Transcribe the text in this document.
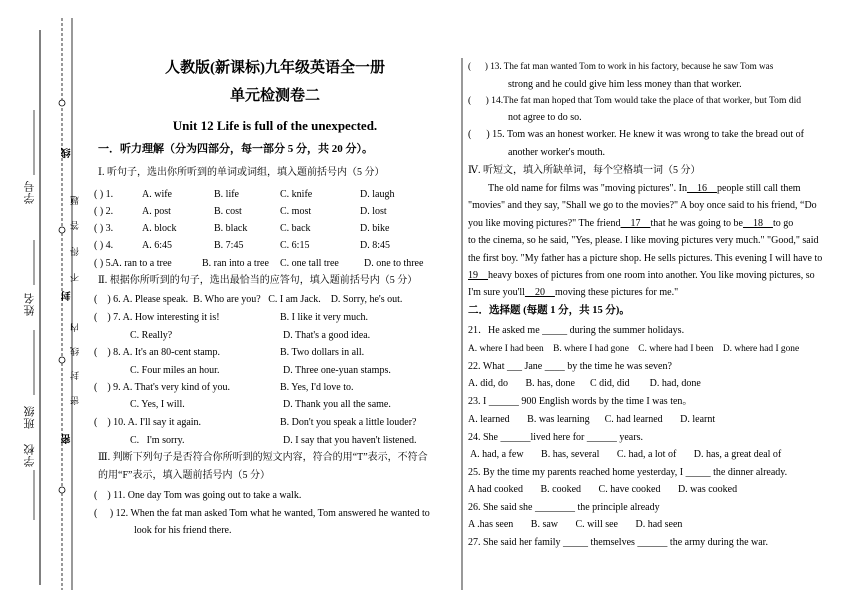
学号
姓名
班级
学校
线
封
密
密
封
线
内
不
得
答
题
人教版(新课标)九年级英语全一册
单元检测卷二
Unit 12 Life is full of the unexpected.
一．听力理解（分为四部分，每一部分 5 分，共 20 分）。
Ⅰ. 听句子，选出你所听到的单词或词组，填入题前括号内（5 分）
( ) 1.	A. wife	B. life	C. knife	D. laugh
( ) 2.	A. post	B. cost	C. most	D. lost
( ) 3.	A. block	B. black	C. back	D. bike
( ) 4.	A. 6:45	B. 7:45	C. 6:15	D. 8:45
( ) 5.
A. ran to a tree	B. ran into a tree C. one tall tree	D. one to three
Ⅱ. 根据你所听到的句子，选出最恰当的应答句，填入题前括号内（5 分）
(    ) 6. A. Please speak.  B. Who are you?   C. I am Jack.    D. Sorry, he's out.
(    ) 7. A. How interesting it is!	B. I like it very much.
C. Really?	D. That's a good idea.
(    ) 8. A. It's an 80-cent stamp.	B. Two dollars in all.
C. Four miles an hour.	D. Three one-yuan stamps.
(    ) 9. A. That's very kind of you.	B. Yes, I'd love to.
C. Yes, I will.	D. Thank you all the same.
(    ) 10. A. I'll say it again.	B. Don't you speak a little louder?
C.   I'm sorry.	D. I say that you haven't listened.
Ⅲ. 判断下列句子是否符合你所听到的短文内容，符合的用“T”表示，不符合
的用“F”表示，填入题前括号内（5 分）
(    ) 11. One day Tom was going out to take a walk.
(     ) 12. When the fat man asked Tom what he wanted, Tom answered he wanted to
look for his friend there.
(      ) 13. The fat man wanted Tom to work in his factory, because he saw Tom was
strong and he could give him less money than that worker.
(      ) 14.The fat man hoped that Tom would take the place of that worker, but Tom did
not agree to do so.
(      ) 15. Tom was an honest worker. He knew it was wrong to take the bread out of
another worker's mouth.
Ⅳ. 听短文，填入所缺单词，每个空格填一词（5 分）
The old name for films was "moving pictures". In    16    people still call them
"movies" and they say, "Shall we go to the movies?" A boy once said to his friend, “Do
you like moving pictures?" The friend    17    that he was going to be    18    to go
to the cinema, so he said, "Yes, please. I like moving pictures very much." "Good," said
the first boy. "My father has a picture shop. He sells pictures. This evening I will have to
19    heavy boxes of pictures from one room into another. You like moving pictures, so
I'm sure you'll    20    moving these pictures for me."
二．选择题 (每题 1 分，共 15 分)。
21．He asked me _____ during the summer holidays.
A. where I had been    B. where I had gone    C. where had I been    D. where had I gone
22. What ___ Jane ____ by the time he was seven?
A. did, do       B. has, done      C did, did        D. had, done
23. I ______ 900 English words by the time I was ten。
A. learned       B. was learning      C. had learned       D. learnt
24. She ______lived here for ______ years.
A. had, a few       B. has, several       C. had, a lot of       D. has, a great deal of
25. By the time my parents reached home yesterday, I _____ the dinner already.
A had cooked       B. cooked       C. have cooked       D. was cooked
26. She said she ________ the principle already
A .has seen       B. saw       C. will see       D. had seen
27. She said her family _____ themselves ______ the army during the war.
